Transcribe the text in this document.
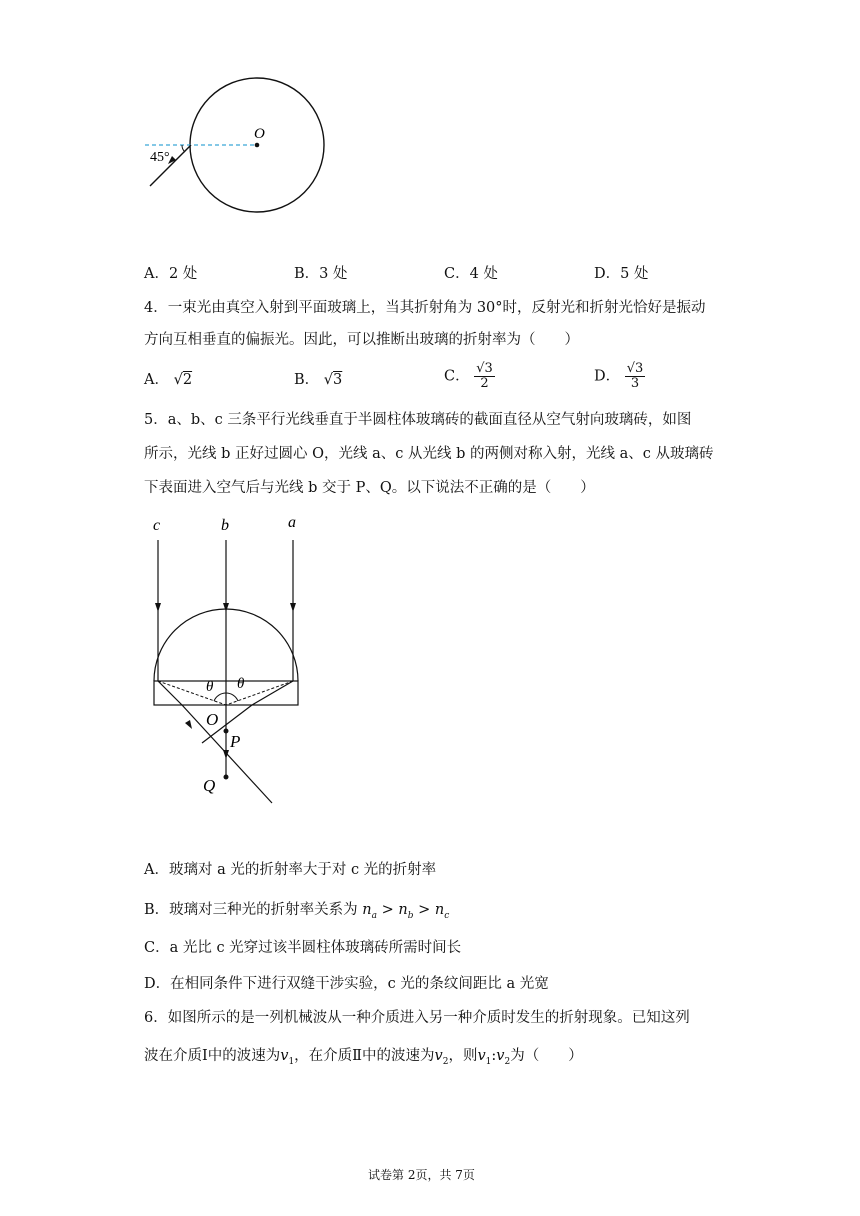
45°
O
A．2 处	B．3 处	C．4 处	D．5 处
4．一束光由真空入射到平面玻璃上，当其折射角为 30°时，反射光和折射光恰好是振动
方向互相垂直的偏振光。因此，可以推断出玻璃的折射率为（　　）
A． √2	B． √3	C． $\frac{√3}{2}$	D． $\frac{√3}{3}$
5．a、b、c 三条平行光线垂直于半圆柱体玻璃砖的截面直径从空气射向玻璃砖，如图
所示，光线 b 正好过圆心 O，光线 a、c 从光线 b 的两侧对称入射，光线 a、c 从玻璃砖
下表面进入空气后与光线 b 交于 P、Q。以下说法不正确的是（　　）
c	b	a
θ θ
O
P
Q
A．玻璃对 a 光的折射率大于对 c 光的折射率
B．玻璃对三种光的折射率关系为 $n_a > n_b > n_c$
C．a 光比 c 光穿过该半圆柱体玻璃砖所需时间长
D．在相同条件下进行双缝干涉实验，c 光的条纹间距比 a 光宽
6．如图所示的是一列机械波从一种介质进入另一种介质时发生的折射现象。已知这列
波在介质Ⅰ中的波速为$v_1$，在介质Ⅱ中的波速为$v_2$，则$v_1:v_2$为（　　）
试卷第 2页，共 7页
